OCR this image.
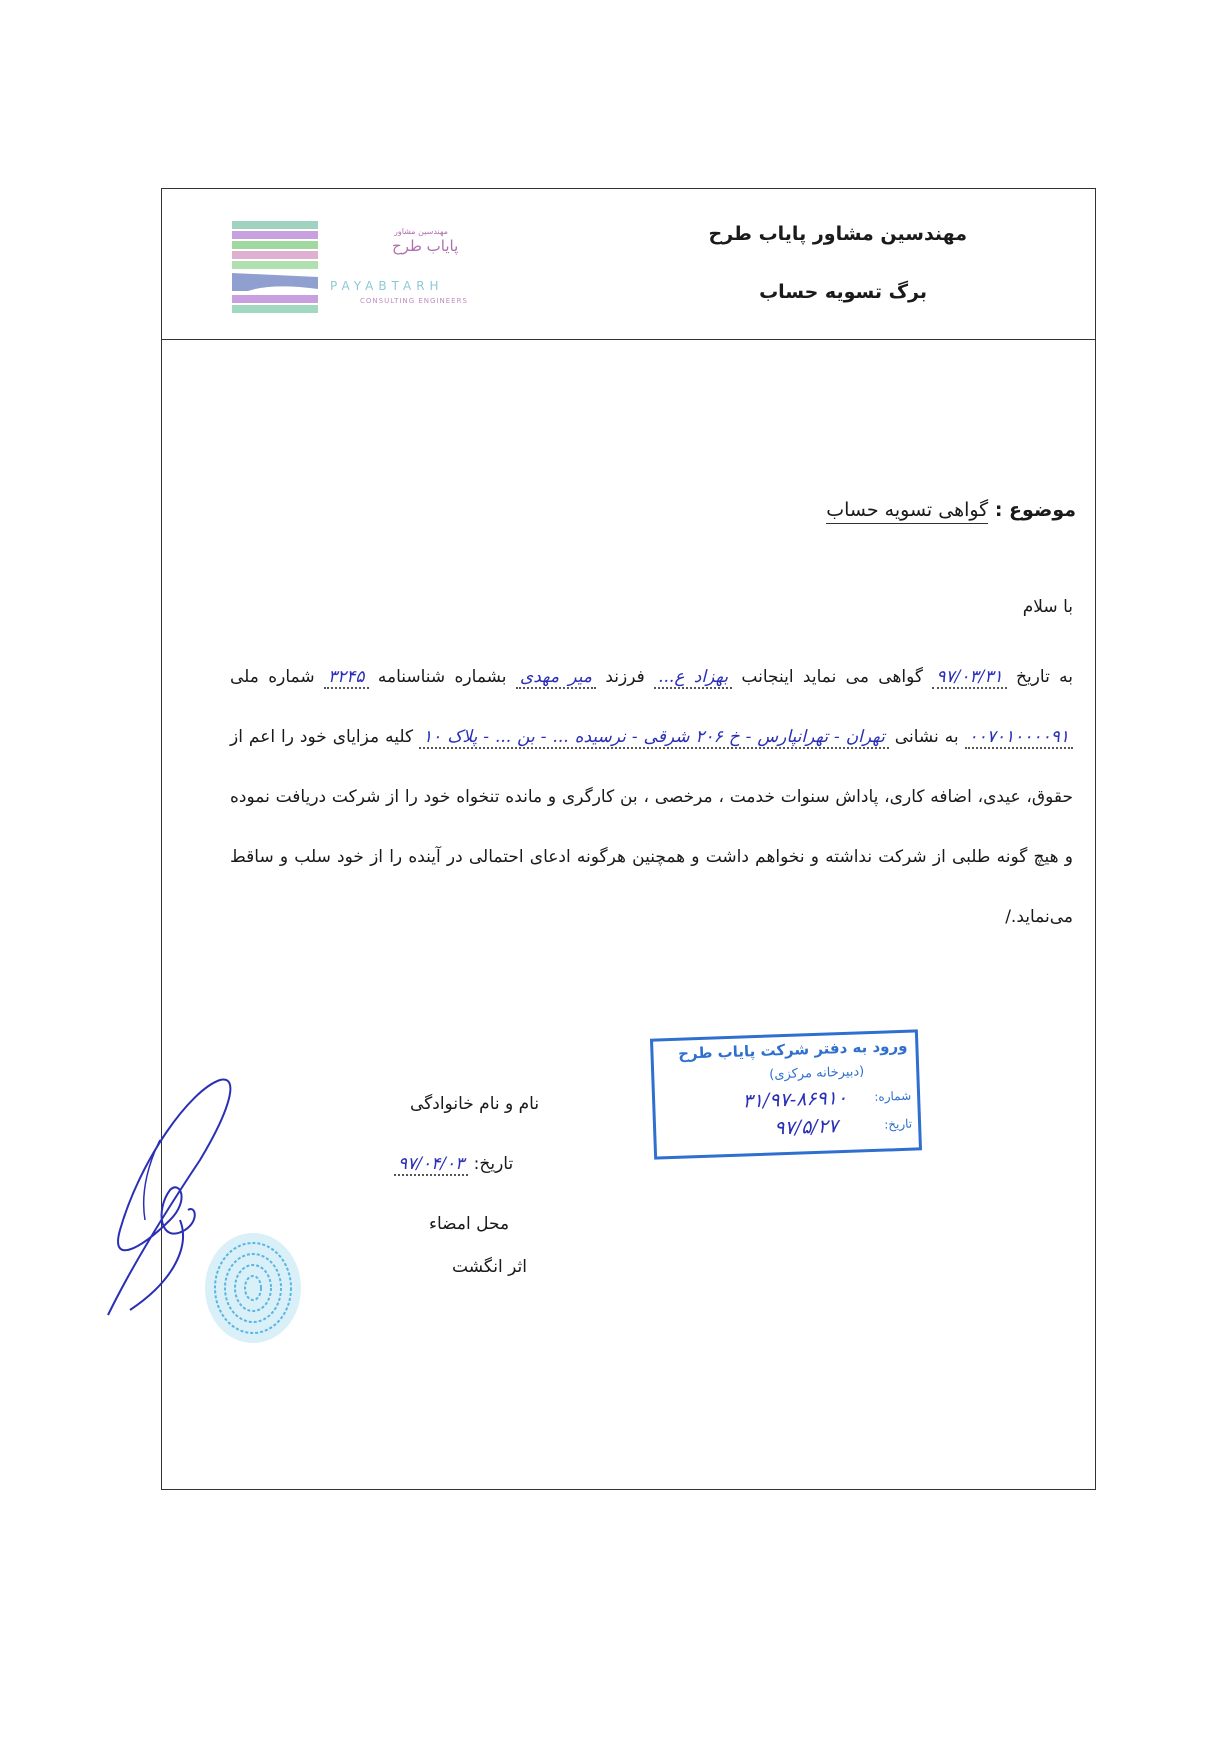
مهندسین مشاور پایاب طرح
برگ تسویه حساب
مهندسین مشاور
پایاب طرح
PAYABTARH
CONSULTING ENGINEERS
موضوع : گواهی تسویه حساب
با سلام
به تاریخ ۹۷/۰۳/۳۱ گواهی می نماید اینجانب بهزاد ع... فرزند میر مهدی بشماره شناسنامه ۳۲۴۵ شماره ملی ۰۰۷۰۱۰۰۰۰۹۱ به نشانی تهران - تهرانپارس - خ ۲۰۶ شرقی - نرسیده ... - بن ... - پلاک ۱۰ کلیه مزایای خود را اعم از حقوق، عیدی، اضافه کاری، پاداش سنوات خدمت ، مرخصی ، بن کارگری و مانده تنخواه خود را از شرکت دریافت نموده و هیچ گونه طلبی از شرکت نداشته و نخواهم داشت و همچنین هرگونه ادعای احتمالی در آینده را از خود سلب و ساقط می‌نماید./
نام و نام خانوادگی
تاریخ: ۹۷/۰۴/۰۳
محل امضاء
اثر انگشت
ورود به دفتر شرکت پایاب طرح
(دبیرخانه مرکزی)
شماره:
۳۱/۹۷-۸۶۹۱۰
تاریخ:
۹۷/۵/۲۷
